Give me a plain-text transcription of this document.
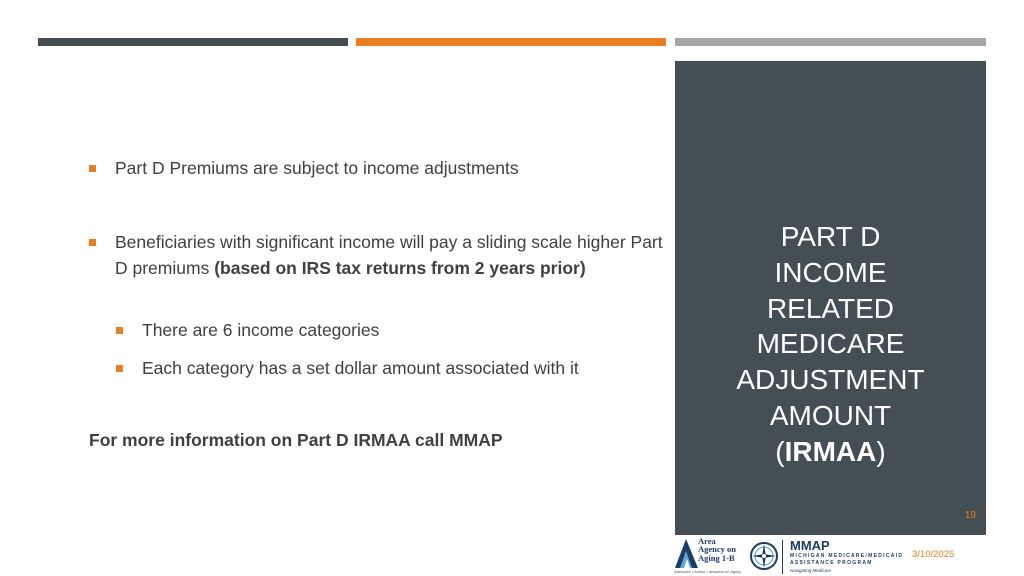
Part D Premiums are subject to income adjustments
Beneficiaries with significant income will pay a sliding scale higher Part D premiums (based on IRS tax returns from 2 years prior)
There are 6 income categories
Each category has a set dollar amount associated with it
For more information on Part D IRMAA call MMAP
PART D
INCOME
RELATED
MEDICARE
ADJUSTMENT
AMOUNT
(IRMAA)
19
Area
Agency on
Aging 1-B
Advocate • Action • Answers on Aging
MMAP
MICHIGAN MEDICARE/MEDICAID
ASSISTANCE PROGRAM
Navigating Medicare
3/10/2025
